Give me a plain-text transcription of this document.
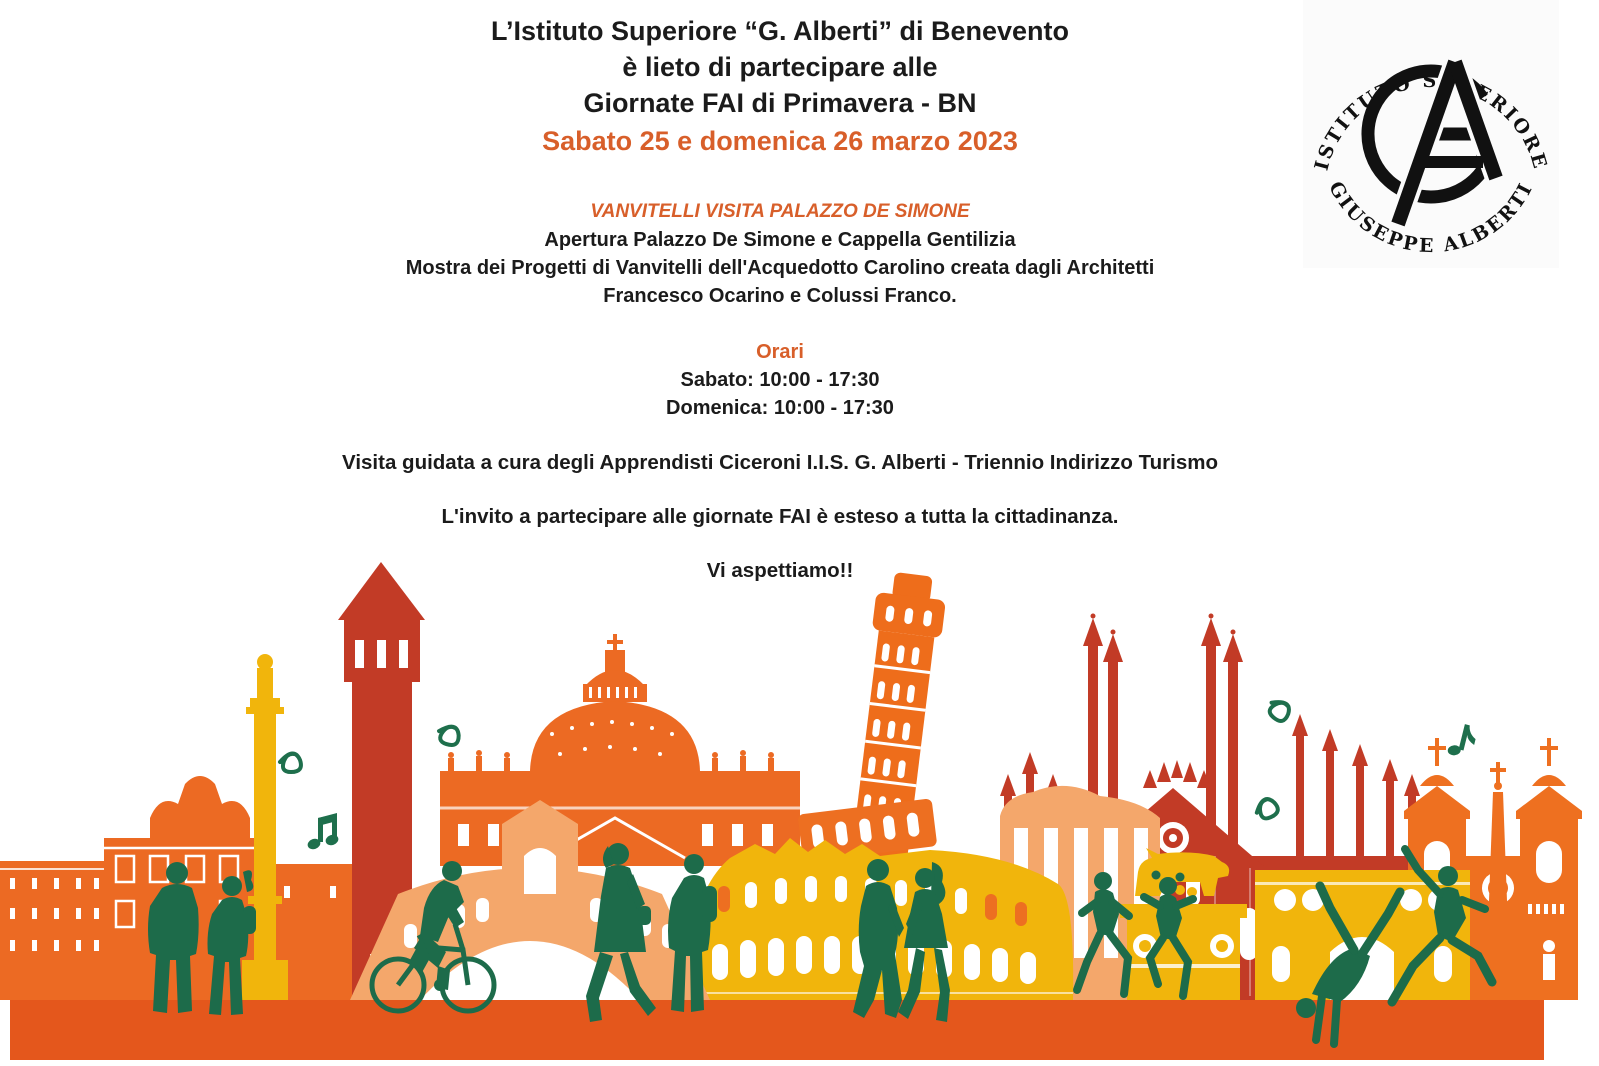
L’Istituto Superiore “G. Alberti” di Benevento
è lieto di partecipare alle
Giornate FAI di Primavera - BN
Sabato 25 e domenica 26 marzo 2023
VANVITELLI VISITA PALAZZO DE SIMONE
Apertura Palazzo De Simone e Cappella Gentilizia
Mostra dei Progetti di Vanvitelli dell'Acquedotto Carolino creata dagli Architetti
Francesco Ocarino e Colussi Franco.
Orari
Sabato: 10:00 - 17:30
Domenica: 10:00 - 17:30
Visita guidata a cura degli Apprendisti Ciceroni I.I.S. G. Alberti - Triennio Indirizzo Turismo
L'invito a partecipare alle giornate FAI è esteso a tutta la cittadinanza.
Vi aspettiamo!!
ISTITUTO SUPERIORE
GIUSEPPE ALBERTI
